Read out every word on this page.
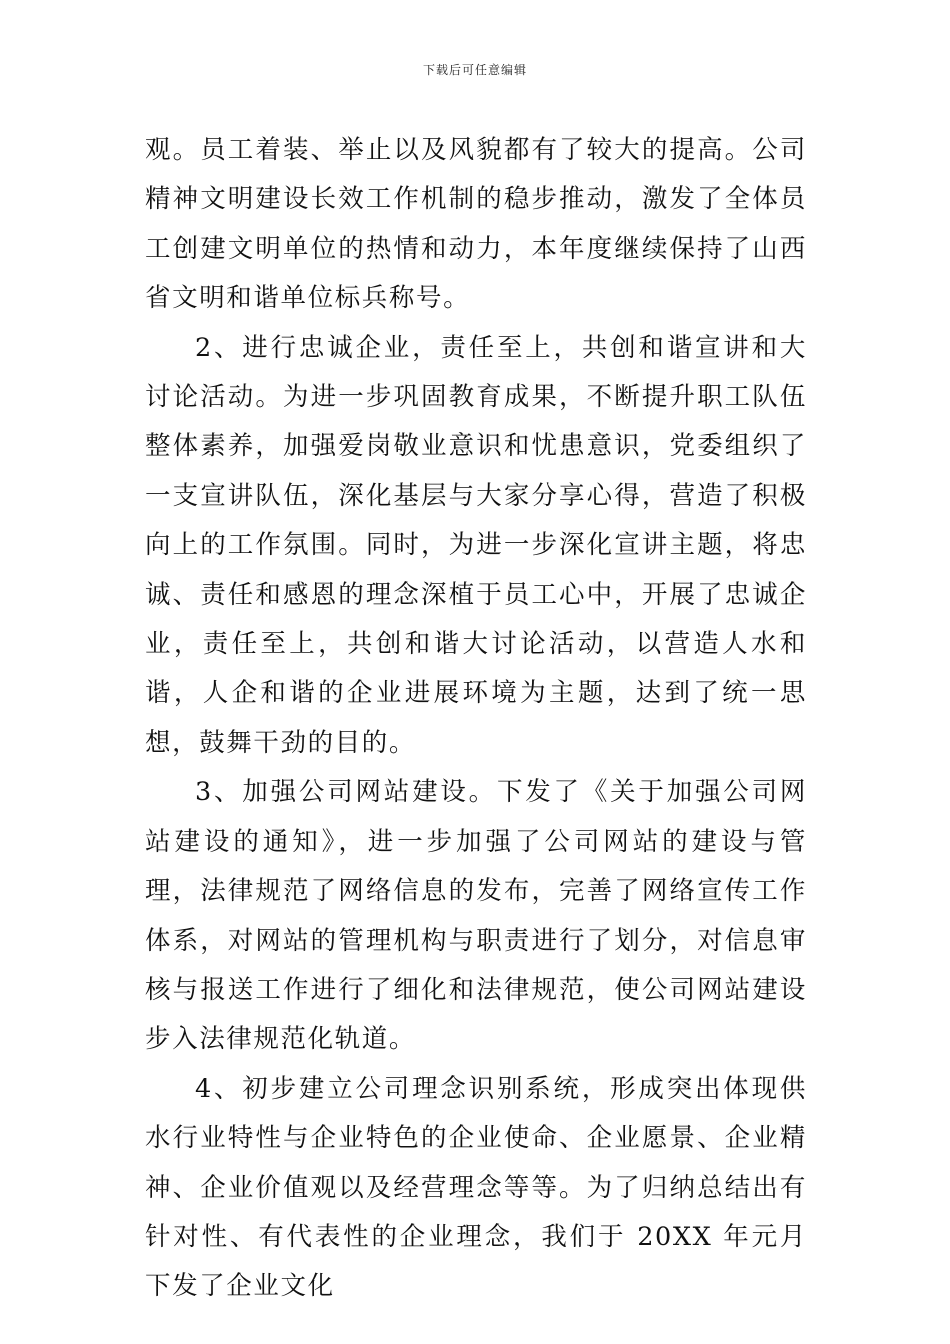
下载后可任意编辑

观。员工着装、举止以及风貌都有了较大的提高。公司精神文明建设长效工作机制的稳步推动，激发了全体员工创建文明单位的热情和动力，本年度继续保持了山西省文明和谐单位标兵称号。

2、进行忠诚企业，责任至上，共创和谐宣讲和大讨论活动。为进一步巩固教育成果，不断提升职工队伍整体素养，加强爱岗敬业意识和忧患意识，党委组织了一支宣讲队伍，深化基层与大家分享心得，营造了积极向上的工作氛围。同时，为进一步深化宣讲主题，将忠诚、责任和感恩的理念深植于员工心中，开展了忠诚企业，责任至上，共创和谐大讨论活动，以营造人水和谐，人企和谐的企业进展环境为主题，达到了统一思想，鼓舞干劲的目的。

3、加强公司网站建设。下发了《关于加强公司网站建设的通知》，进一步加强了公司网站的建设与管理，法律规范了网络信息的发布，完善了网络宣传工作体系，对网站的管理机构与职责进行了划分，对信息审核与报送工作进行了细化和法律规范，使公司网站建设步入法律规范化轨道。

4、初步建立公司理念识别系统，形成突出体现供水行业特性与企业特色的企业使命、企业愿景、企业精神、企业价值观以及经营理念等等。为了归纳总结出有针对性、有代表性的企业理念，我们于 20XX 年元月下发了企业文化
